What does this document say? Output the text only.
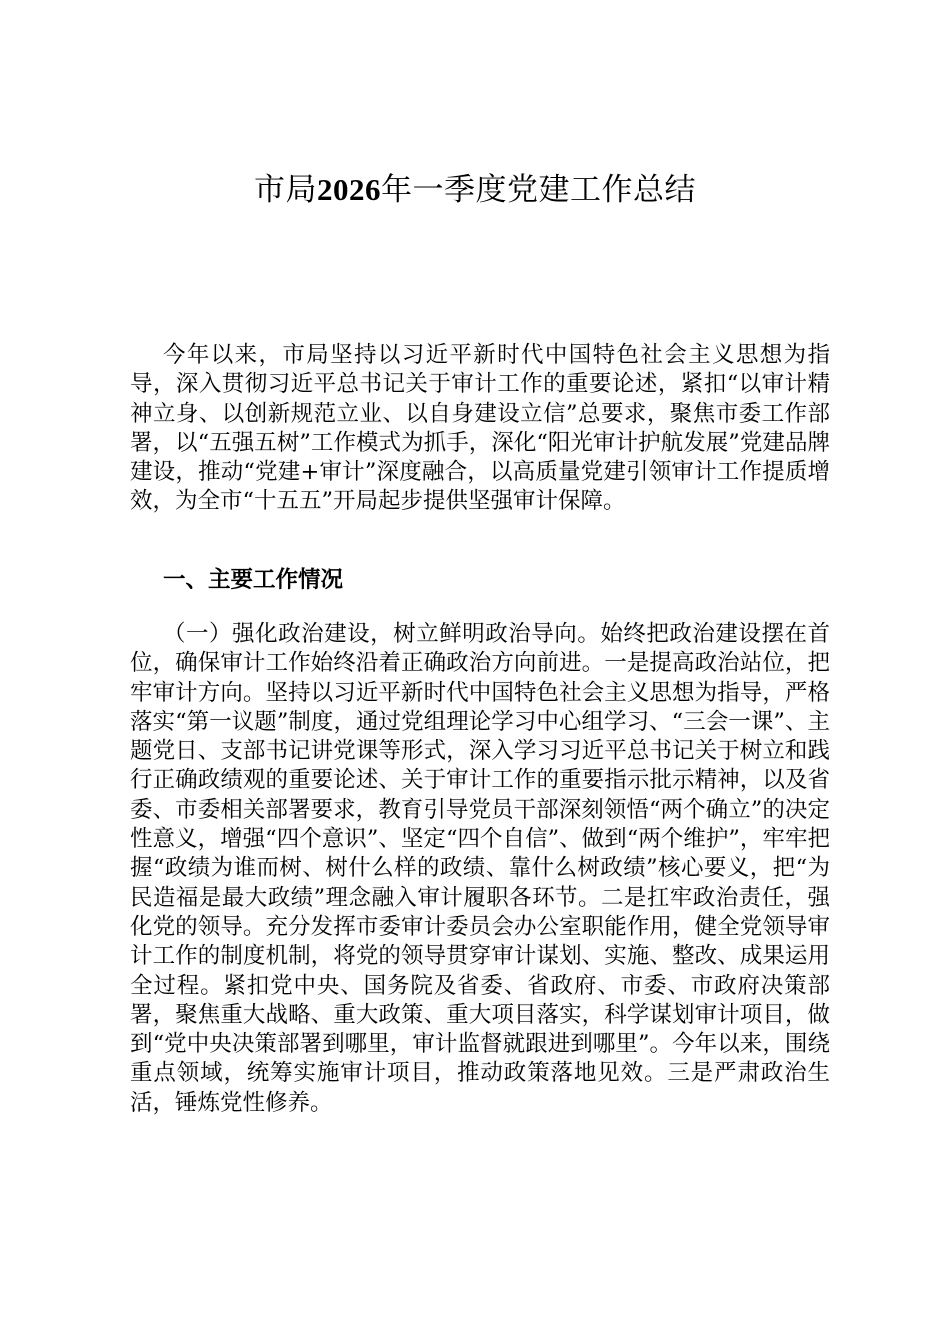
市局2026年一季度党建工作总结

今年以来，市局坚持以习近平新时代中国特色社会主义思想为指导，深入贯彻习近平总书记关于审计工作的重要论述，紧扣“以审计精神立身、以创新规范立业、以自身建设立信”总要求，聚焦市委工作部署，以“五强五树”工作模式为抓手，深化“阳光审计护航发展”党建品牌建设，推动“党建+审计”深度融合，以高质量党建引领审计工作提质增效，为全市“十五五”开局起步提供坚强审计保障。

一、主要工作情况

（一）强化政治建设，树立鲜明政治导向。始终把政治建设摆在首位，确保审计工作始终沿着正确政治方向前进。一是提高政治站位，把牢审计方向。坚持以习近平新时代中国特色社会主义思想为指导，严格落实“第一议题”制度，通过党组理论学习中心组学习、“三会一课”、主题党日、支部书记讲党课等形式，深入学习习近平总书记关于树立和践行正确政绩观的重要论述、关于审计工作的重要指示批示精神，以及省委、市委相关部署要求，教育引导党员干部深刻领悟“两个确立”的决定性意义，增强“四个意识”、坚定“四个自信”、做到“两个维护”，牢牢把握“政绩为谁而树、树什么样的政绩、靠什么树政绩”核心要义，把“为民造福是最大政绩”理念融入审计履职各环节。二是扛牢政治责任，强化党的领导。充分发挥市委审计委员会办公室职能作用，健全党领导审计工作的制度机制，将党的领导贯穿审计谋划、实施、整改、成果运用全过程。紧扣党中央、国务院及省委、省政府、市委、市政府决策部署，聚焦重大战略、重大政策、重大项目落实，科学谋划审计项目，做到“党中央决策部署到哪里，审计监督就跟进到哪里”。今年以来，围绕重点领域，统筹实施审计项目，推动政策落地见效。三是严肃政治生活，锤炼党性修养。
